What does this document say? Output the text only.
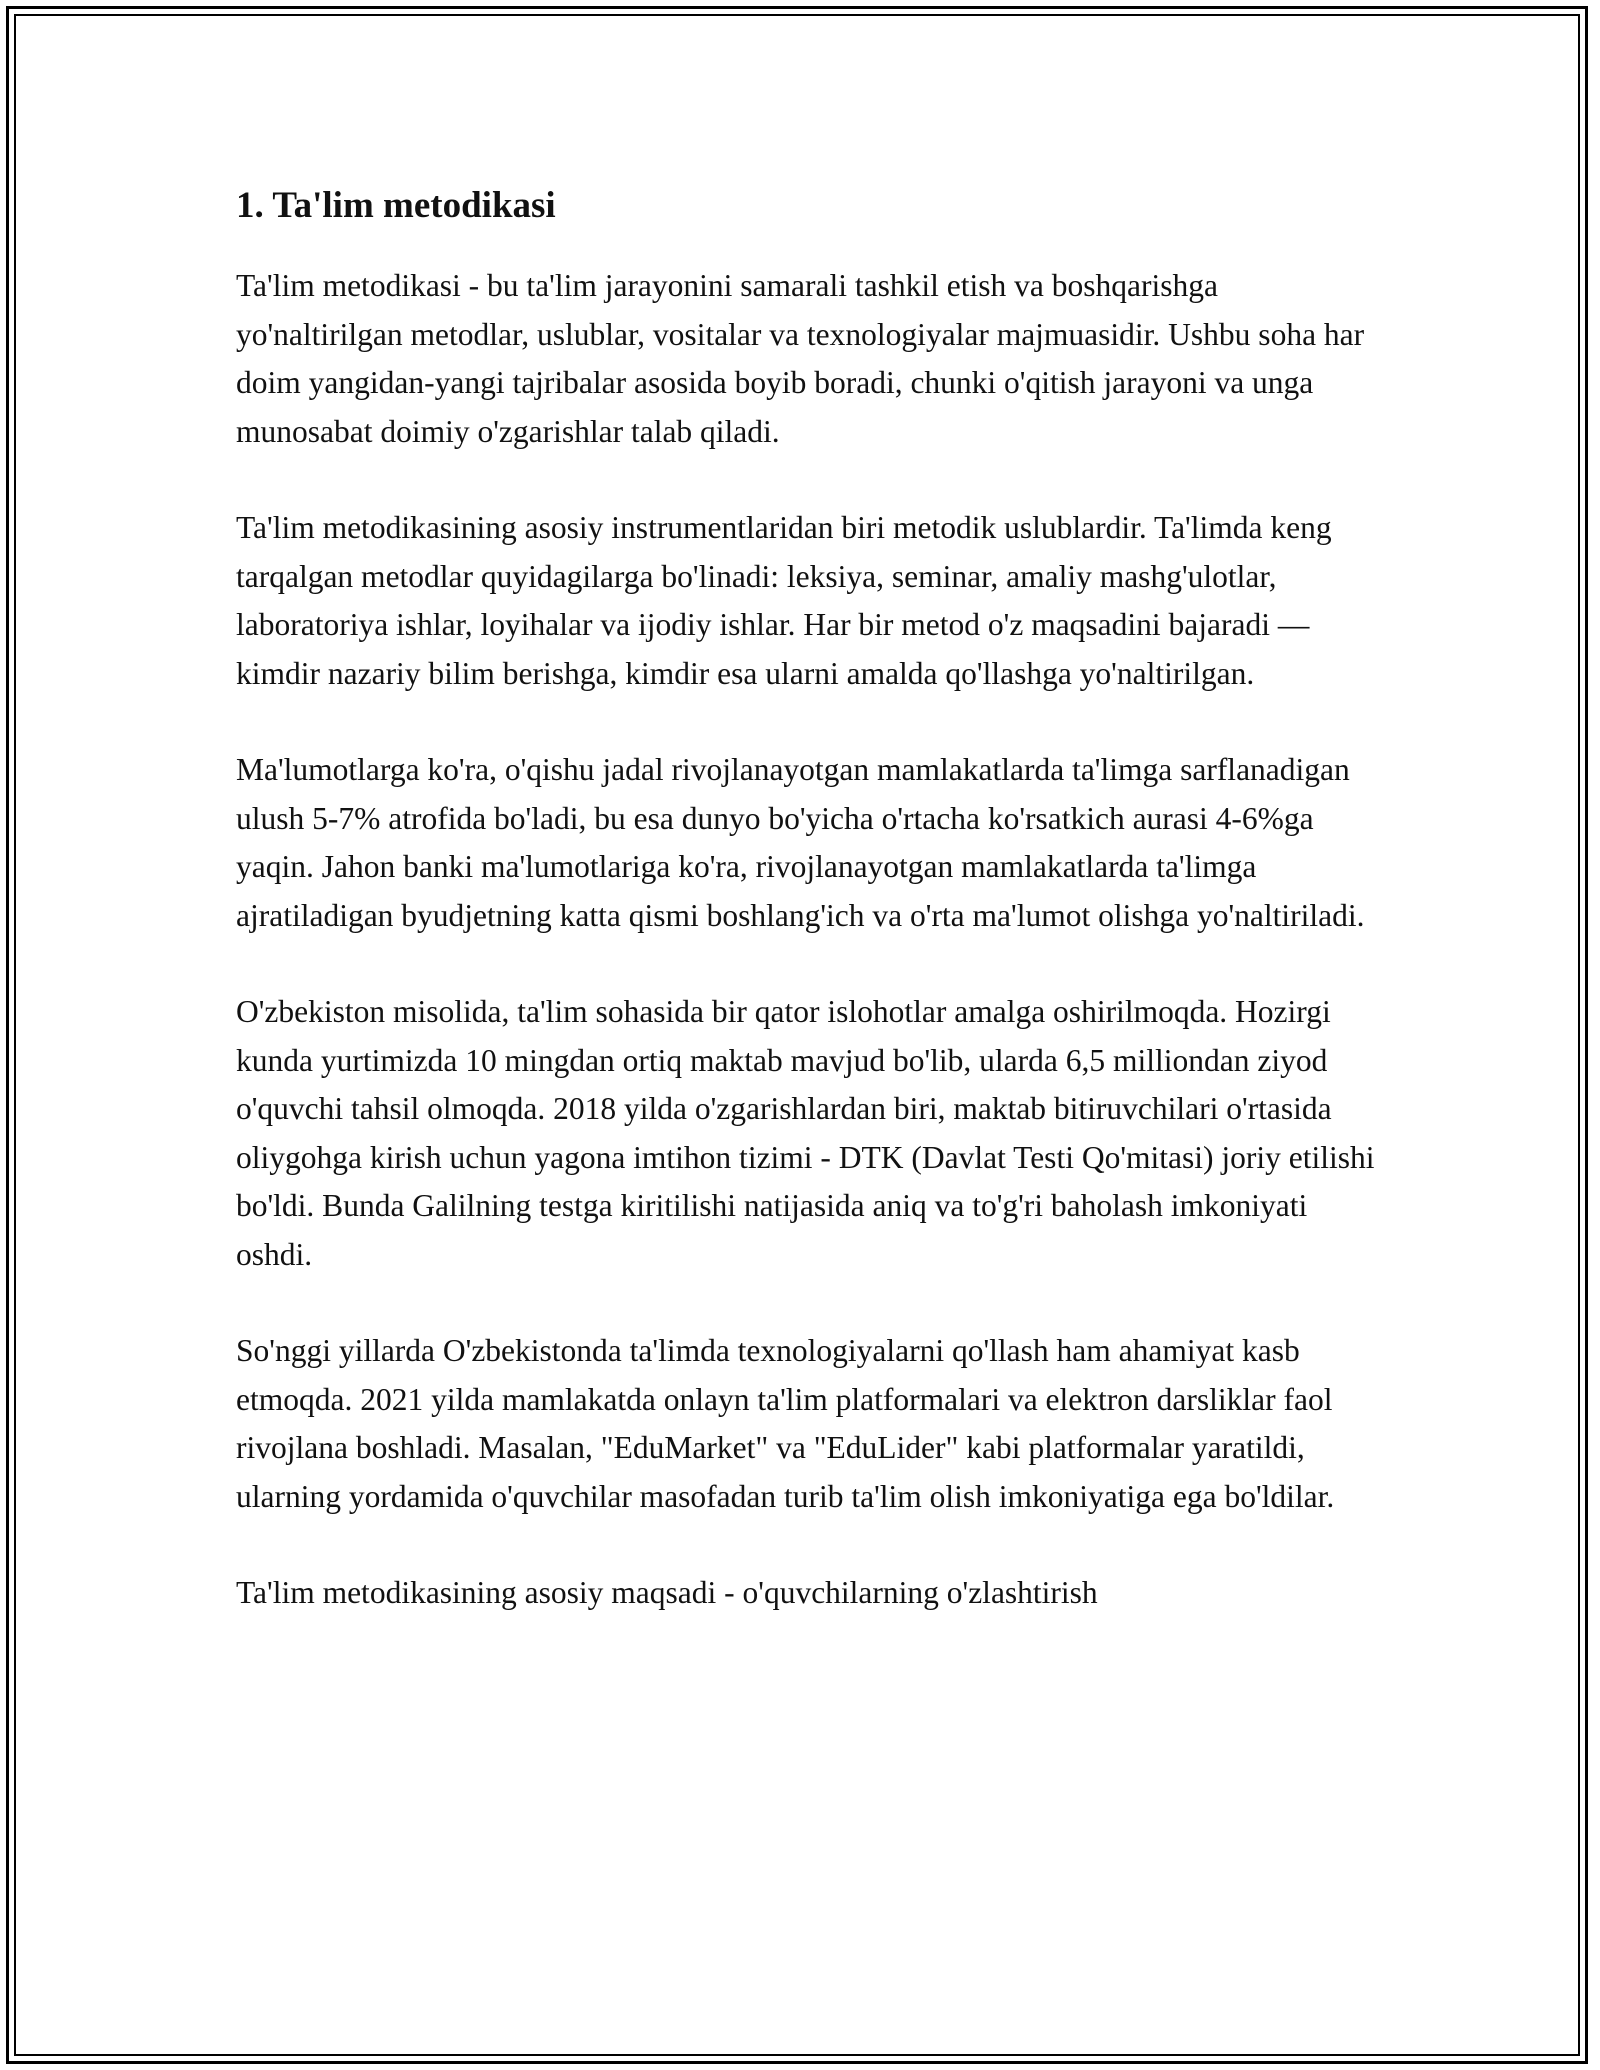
1. Ta'lim metodikasi

Ta'lim metodikasi - bu ta'lim jarayonini samarali tashkil etish va boshqarishga yo'naltirilgan metodlar, uslublar, vositalar va texnologiyalar majmuasidir. Ushbu soha har doim yangidan-yangi tajribalar asosida boyib boradi, chunki o'qitish jarayoni va unga munosabat doimiy o'zgarishlar talab qiladi.

Ta'lim metodikasining asosiy instrumentlaridan biri metodik uslublardir. Ta'limda keng tarqalgan metodlar quyidagilarga bo'linadi: leksiya, seminar, amaliy mashg'ulotlar, laboratoriya ishlar, loyihalar va ijodiy ishlar. Har bir metod o'z maqsadini bajaradi — kimdir nazariy bilim berishga, kimdir esa ularni amalda qo'llashga yo'naltirilgan.

Ma'lumotlarga ko'ra, o'qishu jadal rivojlanayotgan mamlakatlarda ta'limga sarflanadigan ulush 5-7% atrofida bo'ladi, bu esa dunyo bo'yicha o'rtacha ko'rsatkich aurasi 4-6%ga yaqin. Jahon banki ma'lumotlariga ko'ra, rivojlanayotgan mamlakatlarda ta'limga ajratiladigan byudjetning katta qismi boshlang'ich va o'rta ma'lumot olishga yo'naltiriladi.

O'zbekiston misolida, ta'lim sohasida bir qator islohotlar amalga oshirilmoqda. Hozirgi kunda yurtimizda 10 mingdan ortiq maktab mavjud bo'lib, ularda 6,5 milliondan ziyod o'quvchi tahsil olmoqda. 2018 yilda o'zgarishlardan biri, maktab bitiruvchilari o'rtasida oliygohga kirish uchun yagona imtihon tizimi - DTK (Davlat Testi Qo'mitasi) joriy etilishi bo'ldi. Bunda Galilning testga kiritilishi natijasida aniq va to'g'ri baholash imkoniyati oshdi.

So'nggi yillarda O'zbekistonda ta'limda texnologiyalarni qo'llash ham ahamiyat kasb etmoqda. 2021 yilda mamlakatda onlayn ta'lim platformalari va elektron darsliklar faol rivojlana boshladi. Masalan, "EduMarket" va "EduLider" kabi platformalar yaratildi, ularning yordamida o'quvchilar masofadan turib ta'lim olish imkoniyatiga ega bo'ldilar.

Ta'lim metodikasining asosiy maqsadi - o'quvchilarning o'zlashtirish
